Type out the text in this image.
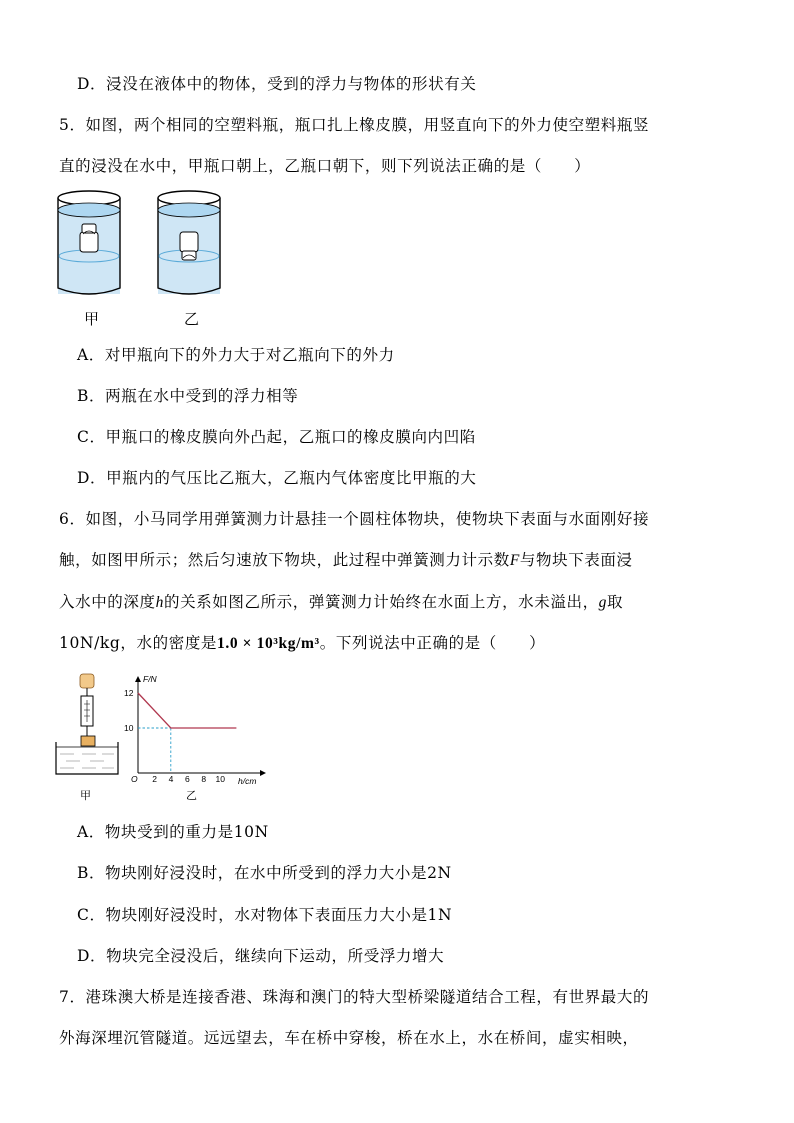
D．浸没在液体中的物体，受到的浮力与物体的形状有关
5．如图，两个相同的空塑料瓶，瓶口扎上橡皮膜，用竖直向下的外力使空塑料瓶竖
直的浸没在水中，甲瓶口朝上，乙瓶口朝下，则下列说法正确的是（　　）
甲	乙
A．对甲瓶向下的外力大于对乙瓶向下的外力
B．两瓶在水中受到的浮力相等
C．甲瓶口的橡皮膜向外凸起，乙瓶口的橡皮膜向内凹陷
D．甲瓶内的气压比乙瓶大，乙瓶内气体密度比甲瓶的大
6．如图，小马同学用弹簧测力计悬挂一个圆柱体物块，使物块下表面与水面刚好接
触，如图甲所示；然后匀速放下物块，此过程中弹簧测力计示数F与物块下表面浸
入水中的深度h的关系如图乙所示，弹簧测力计始终在水面上方，水未溢出，g取
10N/kg，水的密度是1.0 × 10³kg/m³。下列说法中正确的是（　　）
甲
F/N
h/cm
O
12
10
2 4 6 8 10
乙
A．物块受到的重力是10N
B．物块刚好浸没时，在水中所受到的浮力大小是2N
C．物块刚好浸没时，水对物体下表面压力大小是1N
D．物块完全浸没后，继续向下运动，所受浮力增大
7．港珠澳大桥是连接香港、珠海和澳门的特大型桥梁隧道结合工程，有世界最大的
外海深埋沉管隧道。远远望去，车在桥中穿梭，桥在水上，水在桥间，虚实相映，
